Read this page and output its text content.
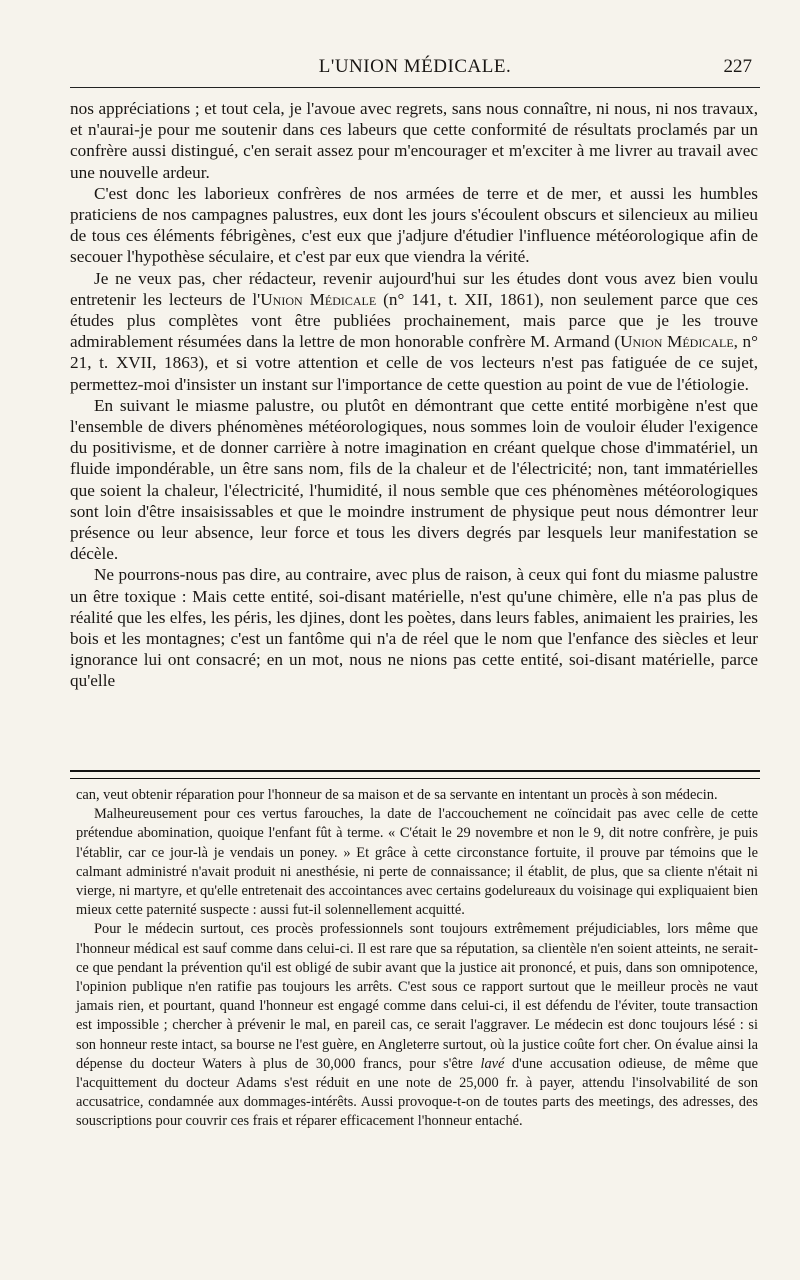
L'UNION MÉDICALE.	227

nos appréciations ; et tout cela, je l'avoue avec regrets, sans nous connaître, ni nous, ni nos travaux, et n'aurai-je pour me soutenir dans ces labeurs que cette conformité de résultats proclamés par un confrère aussi distingué, c'en serait assez pour m'encourager et m'exciter à me livrer au travail avec une nouvelle ardeur.

C'est donc les laborieux confrères de nos armées de terre et de mer, et aussi les humbles praticiens de nos campagnes palustres, eux dont les jours s'écoulent obscurs et silencieux au milieu de tous ces éléments fébrigènes, c'est eux que j'adjure d'étudier l'influence météorologique afin de secouer l'hypothèse séculaire, et c'est par eux que viendra la vérité.

Je ne veux pas, cher rédacteur, revenir aujourd'hui sur les études dont vous avez bien voulu entretenir les lecteurs de l'Union Médicale (n° 141, t. XII, 1861), non seulement parce que ces études plus complètes vont être publiées prochainement, mais parce que je les trouve admirablement résumées dans la lettre de mon honorable confrère M. Armand (Union Médicale, n° 21, t. XVII, 1863), et si votre attention et celle de vos lecteurs n'est pas fatiguée de ce sujet, permettez-moi d'insister un instant sur l'importance de cette question au point de vue de l'étiologie.

En suivant le miasme palustre, ou plutôt en démontrant que cette entité morbigène n'est que l'ensemble de divers phénomènes météorologiques, nous sommes loin de vouloir éluder l'exigence du positivisme, et de donner carrière à notre imagination en créant quelque chose d'immatériel, un fluide impondérable, un être sans nom, fils de la chaleur et de l'électricité; non, tant immatérielles que soient la chaleur, l'électricité, l'humidité, il nous semble que ces phénomènes météorologiques sont loin d'être insaisissables et que le moindre instrument de physique peut nous démontrer leur présence ou leur absence, leur force et tous les divers degrés par lesquels leur manifestation se décèle.

Ne pourrons-nous pas dire, au contraire, avec plus de raison, à ceux qui font du miasme palustre un être toxique : Mais cette entité, soi-disant matérielle, n'est qu'une chimère, elle n'a pas plus de réalité que les elfes, les péris, les djines, dont les poètes, dans leurs fables, animaient les prairies, les bois et les montagnes; c'est un fantôme qui n'a de réel que le nom que l'enfance des siècles et leur ignorance lui ont consacré; en un mot, nous ne nions pas cette entité, soi-disant matérielle, parce qu'elle

can, veut obtenir réparation pour l'honneur de sa maison et de sa servante en intentant un procès à son médecin.

Malheureusement pour ces vertus farouches, la date de l'accouchement ne coïncidait pas avec celle de cette prétendue abomination, quoique l'enfant fût à terme. « C'était le 29 novembre et non le 9, dit notre confrère, je puis l'établir, car ce jour-là je vendais un poney. » Et grâce à cette circonstance fortuite, il prouve par témoins que le calmant administré n'avait produit ni anesthésie, ni perte de connaissance; il établit, de plus, que sa cliente n'était ni vierge, ni martyre, et qu'elle entretenait des accointances avec certains godelureaux du voisinage qui expliquaient bien mieux cette paternité suspecte : aussi fut-il solennellement acquitté.

Pour le médecin surtout, ces procès professionnels sont toujours extrêmement préjudiciables, lors même que l'honneur médical est sauf comme dans celui-ci. Il est rare que sa réputation, sa clientèle n'en soient atteints, ne serait-ce que pendant la prévention qu'il est obligé de subir avant que la justice ait prononcé, et puis, dans son omnipotence, l'opinion publique n'en ratifie pas toujours les arrêts. C'est sous ce rapport surtout que le meilleur procès ne vaut jamais rien, et pourtant, quand l'honneur est engagé comme dans celui-ci, il est défendu de l'éviter, toute transaction est impossible ; chercher à prévenir le mal, en pareil cas, ce serait l'aggraver. Le médecin est donc toujours lésé : si son honneur reste intact, sa bourse ne l'est guère, en Angleterre surtout, où la justice coûte fort cher. On évalue ainsi la dépense du docteur Waters à plus de 30,000 francs, pour s'être lavé d'une accusation odieuse, de même que l'acquittement du docteur Adams s'est réduit en une note de 25,000 fr. à payer, attendu l'insolvabilité de son accusatrice, condamnée aux dommages-intérêts. Aussi provoque-t-on de toutes parts des meetings, des adresses, des souscriptions pour couvrir ces frais et réparer efficacement l'honneur entaché.
